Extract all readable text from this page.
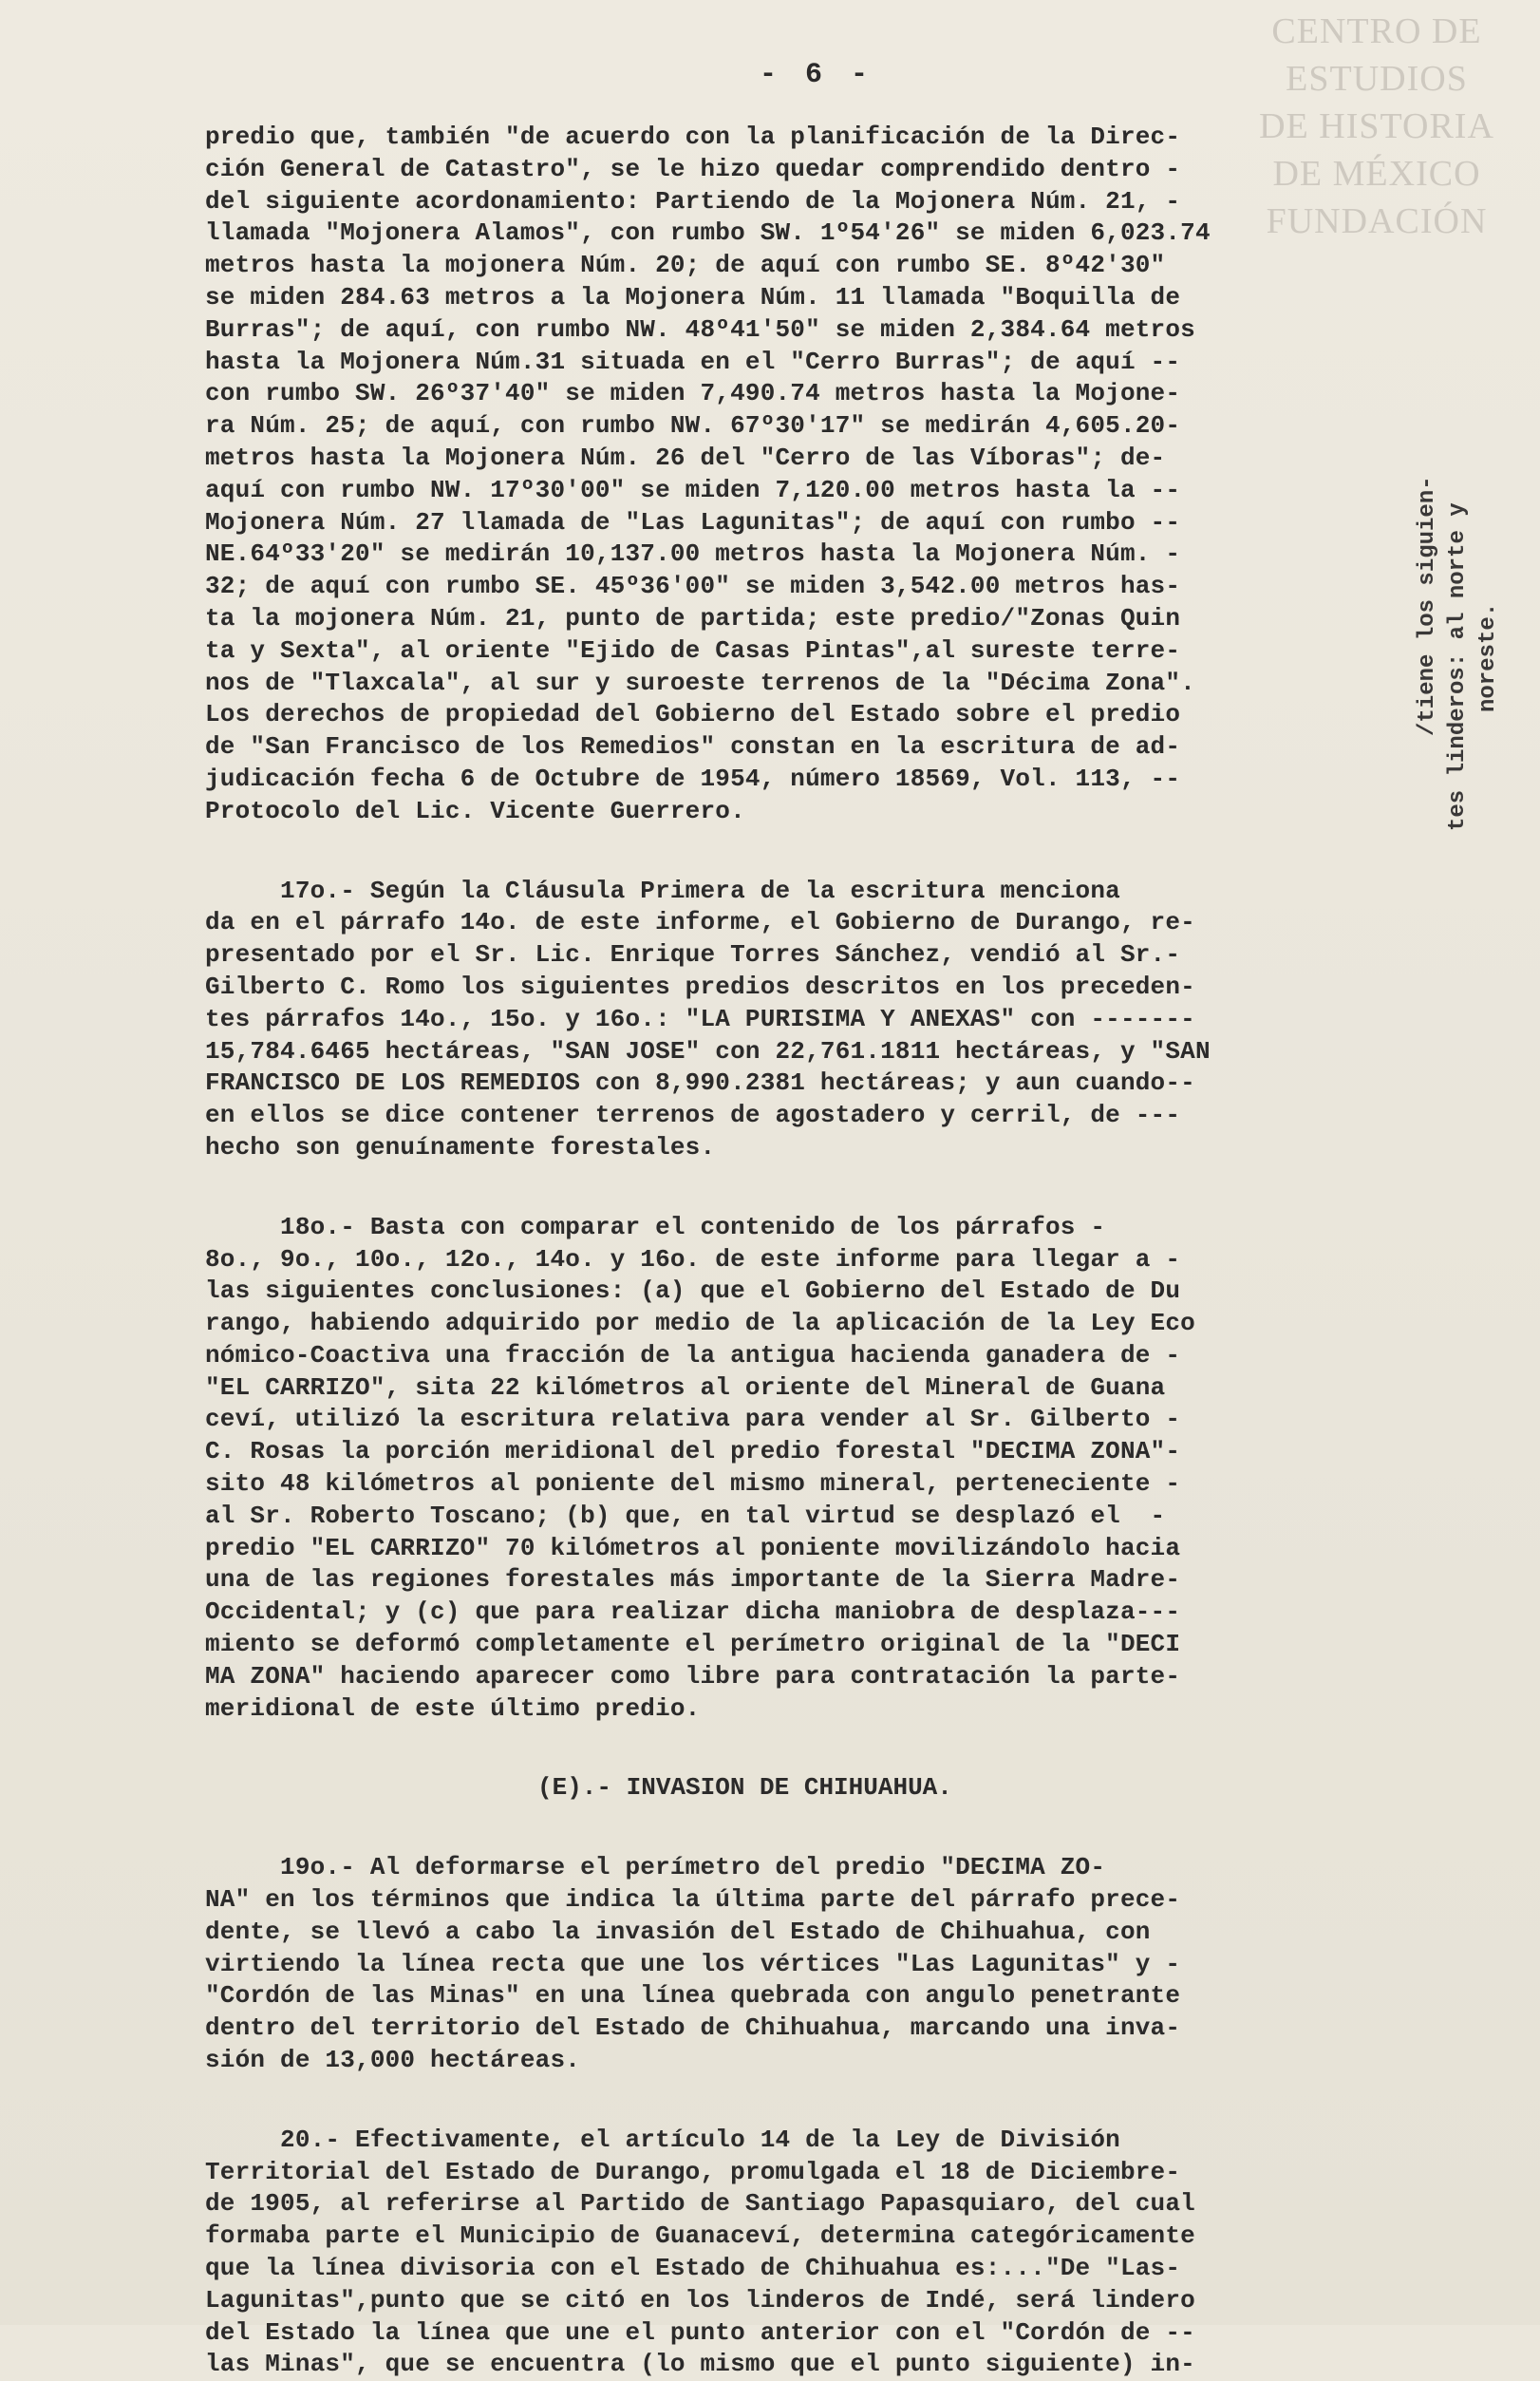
CENTRO DE
ESTUDIOS
DE HISTORIA
DE MÉXICO
FUNDACIÓN
- 6 -
predio que, también "de acuerdo con la planificación de la Direc-
ción General de Catastro", se le hizo quedar comprendido dentro -
del siguiente acordonamiento: Partiendo de la Mojonera Núm. 21, -
llamada "Mojonera Alamos", con rumbo SW. 1º54'26" se miden 6,023.74
metros hasta la mojonera Núm. 20; de aquí con rumbo SE. 8º42'30"
se miden 284.63 metros a la Mojonera Núm. 11 llamada "Boquilla de
Burras"; de aquí, con rumbo NW. 48º41'50" se miden 2,384.64 metros
hasta la Mojonera Núm.31 situada en el "Cerro Burras"; de aquí --
con rumbo SW. 26º37'40" se miden 7,490.74 metros hasta la Mojone-
ra Núm. 25; de aquí, con rumbo NW. 67º30'17" se medirán 4,605.20-
metros hasta la Mojonera Núm. 26 del "Cerro de las Víboras"; de-
aquí con rumbo NW. 17º30'00" se miden 7,120.00 metros hasta la --
Mojonera Núm. 27 llamada de "Las Lagunitas"; de aquí con rumbo --
NE.64º33'20" se medirán 10,137.00 metros hasta la Mojonera Núm. -
32; de aquí con rumbo SE. 45º36'00" se miden 3,542.00 metros has-
ta la mojonera Núm. 21, punto de partida; este predio/"Zonas Quin
ta y Sexta", al oriente "Ejido de Casas Pintas",al sureste terre-
nos de "Tlaxcala", al sur y suroeste terrenos de la "Décima Zona".
Los derechos de propiedad del Gobierno del Estado sobre el predio
de "San Francisco de los Remedios" constan en la escritura de ad-
judicación fecha 6 de Octubre de 1954, número 18569, Vol. 113, --
Protocolo del Lic. Vicente Guerrero.
17o.- Según la Cláusula Primera de la escritura menciona
da en el párrafo 14o. de este informe, el Gobierno de Durango, re-
presentado por el Sr. Lic. Enrique Torres Sánchez, vendió al Sr.-
Gilberto C. Romo los siguientes predios descritos en los preceden-
tes párrafos 14o., 15o. y 16o.: "LA PURISIMA Y ANEXAS" con -------
15,784.6465 hectáreas, "SAN JOSE" con 22,761.1811 hectáreas, y "SAN
FRANCISCO DE LOS REMEDIOS con 8,990.2381 hectáreas; y aun cuando--
en ellos se dice contener terrenos de agostadero y cerril, de ---
hecho son genuínamente forestales.
18o.- Basta con comparar el contenido de los párrafos -
8o., 9o., 10o., 12o., 14o. y 16o. de este informe para llegar a -
las siguientes conclusiones: (a) que el Gobierno del Estado de Du
rango, habiendo adquirido por medio de la aplicación de la Ley Eco
nómico-Coactiva una fracción de la antigua hacienda ganadera de -
"EL CARRIZO", sita 22 kilómetros al oriente del Mineral de Guana
ceví, utilizó la escritura relativa para vender al Sr. Gilberto -
C. Rosas la porción meridional del predio forestal "DECIMA ZONA"-
sito 48 kilómetros al poniente del mismo mineral, perteneciente -
al Sr. Roberto Toscano; (b) que, en tal virtud se desplazó el  -
predio "EL CARRIZO" 70 kilómetros al poniente movilizándolo hacia
una de las regiones forestales más importante de la Sierra Madre-
Occidental; y (c) que para realizar dicha maniobra de desplaza---
miento se deformó completamente el perímetro original de la "DECI
MA ZONA" haciendo aparecer como libre para contratación la parte-
meridional de este último predio.
(E).- INVASION DE CHIHUAHUA.
19o.- Al deformarse el perímetro del predio "DECIMA ZO-
NA" en los términos que indica la última parte del párrafo prece-
dente, se llevó a cabo la invasión del Estado de Chihuahua, con
virtiendo la línea recta que une los vértices "Las Lagunitas" y -
"Cordón de las Minas" en una línea quebrada con angulo penetrante
dentro del territorio del Estado de Chihuahua, marcando una inva-
sión de 13,000 hectáreas.
20.- Efectivamente, el artículo 14 de la Ley de División
Territorial del Estado de Durango, promulgada el 18 de Diciembre-
de 1905, al referirse al Partido de Santiago Papasquiaro, del cual
formaba parte el Municipio de Guanaceví, determina categóricamente
que la línea divisoria con el Estado de Chihuahua es:..."De "Las-
Lagunitas",punto que se citó en los linderos de Indé, será lindero
del Estado la línea que une el punto anterior con el "Cordón de --
las Minas", que se encuentra (lo mismo que el punto siguiente) in-
/tiene los siguien- tes linderos: al norte y noreste.
